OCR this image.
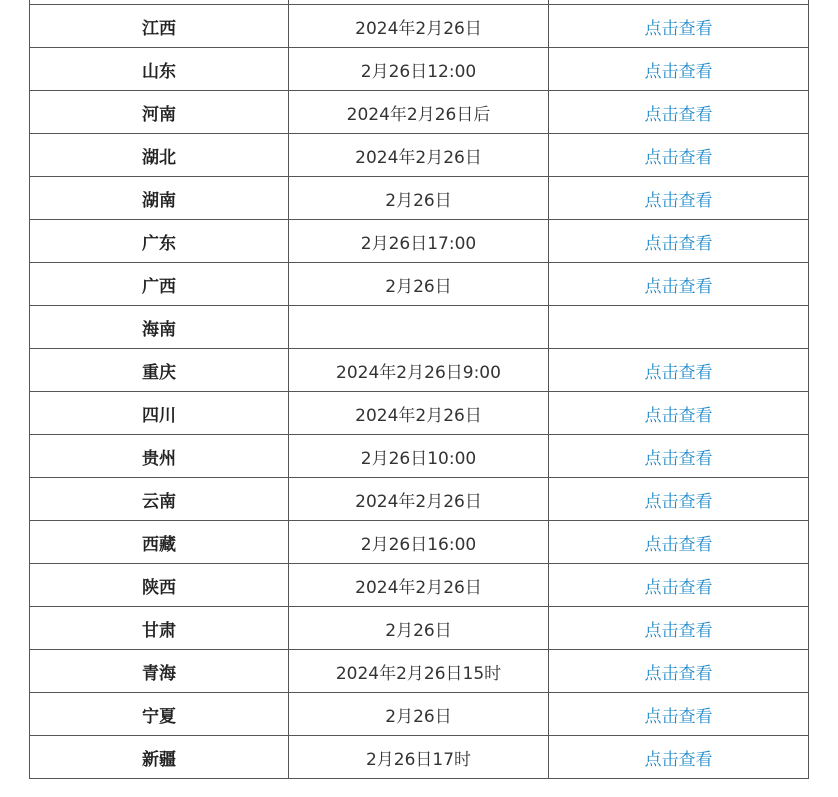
江西	2024年2月26日	点击查看
山东	2月26日12:00	点击查看
河南	2024年2月26日后	点击查看
湖北	2024年2月26日	点击查看
湖南	2月26日	点击查看
广东	2月26日17:00	点击查看
广西	2月26日	点击查看
海南		
重庆	2024年2月26日9:00	点击查看
四川	2024年2月26日	点击查看
贵州	2月26日10:00	点击查看
云南	2024年2月26日	点击查看
西藏	2月26日16:00	点击查看
陕西	2024年2月26日	点击查看
甘肃	2月26日	点击查看
青海	2024年2月26日15时	点击查看
宁夏	2月26日	点击查看
新疆	2月26日17时	点击查看
